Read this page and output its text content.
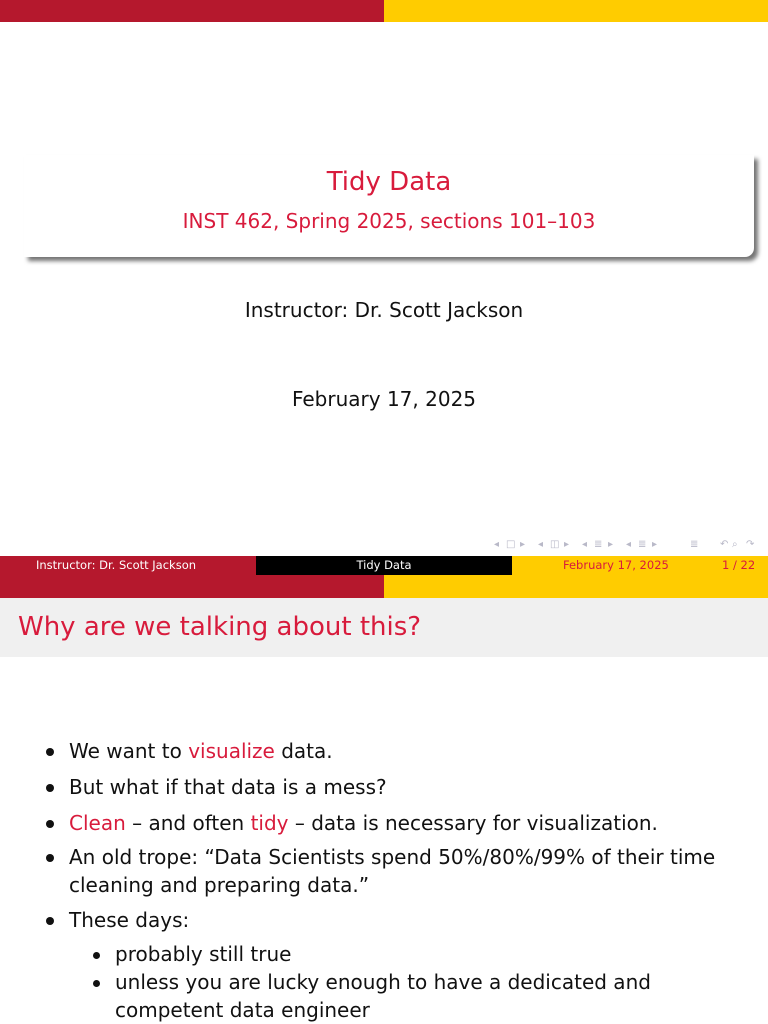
Tidy Data
INST 462, Spring 2025, sections 101–103
Instructor: Dr. Scott Jackson
February 17, 2025
◂ □ ▸ ◂ ◫ ▸ ◂ ≣ ▸ ◂ ≣ ▸	≣ ↶ ⌕ ↷
Instructor: Dr. Scott Jackson	Tidy Data	February 17, 2025	1 / 22
Why are we talking about this?
We want to visualize data.
But what if that data is a mess?
Clean – and often tidy – data is necessary for visualization.
An old trope: “Data Scientists spend 50%/80%/99% of their time cleaning and preparing data.”
These days:
probably still true
unless you are lucky enough to have a dedicated and competent data engineer
